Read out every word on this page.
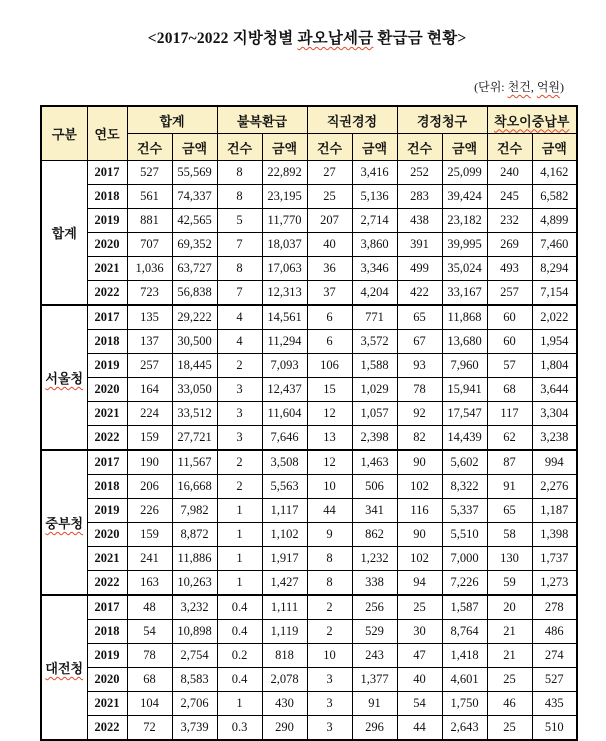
<2017~2022 지방청별 과오납세금 환급금 현황>

(단위: 천건, 억원)

구분	연도	합계		불복환급		직권경정		경정청구		착오이중납부	
		건수	금액	건수	금액	건수	금액	건수	금액	건수	금액
합계	2017	527	55,569	8	22,892	27	3,416	252	25,099	240	4,162
	2018	561	74,337	8	23,195	25	5,136	283	39,424	245	6,582
	2019	881	42,565	5	11,770	207	2,714	438	23,182	232	4,899
	2020	707	69,352	7	18,037	40	3,860	391	39,995	269	7,460
	2021	1,036	63,727	8	17,063	36	3,346	499	35,024	493	8,294
	2022	723	56,838	7	12,313	37	4,204	422	33,167	257	7,154
서울청	2017	135	29,222	4	14,561	6	771	65	11,868	60	2,022
	2018	137	30,500	4	11,294	6	3,572	67	13,680	60	1,954
	2019	257	18,445	2	7,093	106	1,588	93	7,960	57	1,804
	2020	164	33,050	3	12,437	15	1,029	78	15,941	68	3,644
	2021	224	33,512	3	11,604	12	1,057	92	17,547	117	3,304
	2022	159	27,721	3	7,646	13	2,398	82	14,439	62	3,238
중부청	2017	190	11,567	2	3,508	12	1,463	90	5,602	87	994
	2018	206	16,668	2	5,563	10	506	102	8,322	91	2,276
	2019	226	7,982	1	1,117	44	341	116	5,337	65	1,187
	2020	159	8,872	1	1,102	9	862	90	5,510	58	1,398
	2021	241	11,886	1	1,917	8	1,232	102	7,000	130	1,737
	2022	163	10,263	1	1,427	8	338	94	7,226	59	1,273
대전청	2017	48	3,232	0.4	1,111	2	256	25	1,587	20	278
	2018	54	10,898	0.4	1,119	2	529	30	8,764	21	486
	2019	78	2,754	0.2	818	10	243	47	1,418	21	274
	2020	68	8,583	0.4	2,078	3	1,377	40	4,601	25	527
	2021	104	2,706	1	430	3	91	54	1,750	46	435
	2022	72	3,739	0.3	290	3	296	44	2,643	25	510
